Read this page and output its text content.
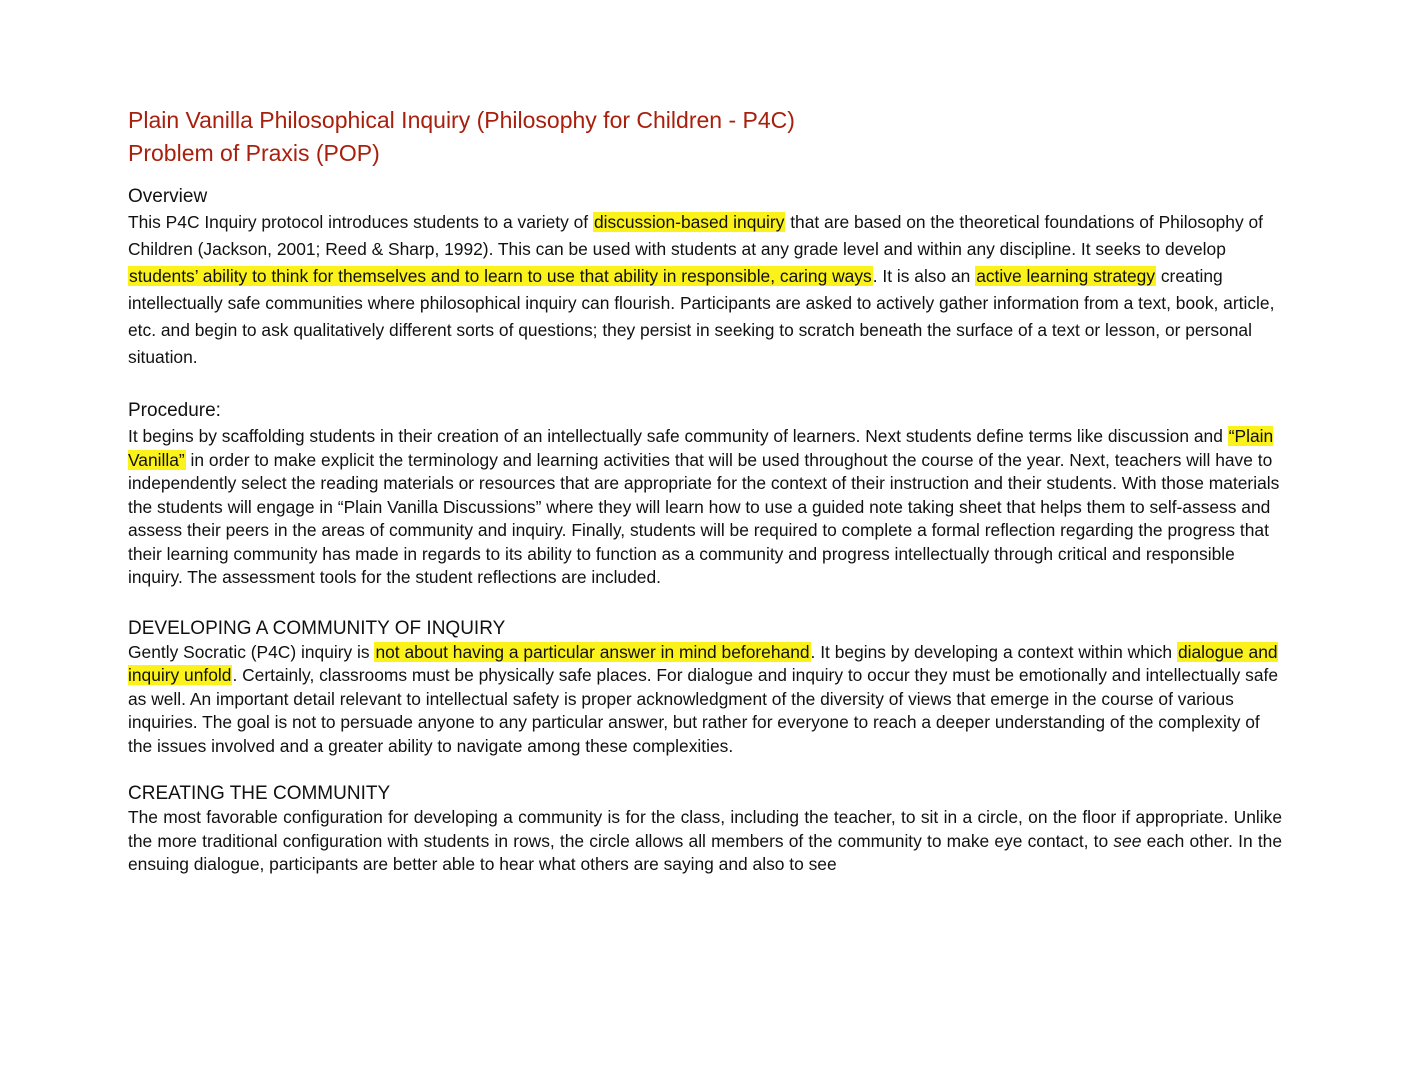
Plain Vanilla Philosophical Inquiry (Philosophy for Children - P4C)
Problem of Praxis (POP)
Overview

This P4C Inquiry protocol introduces students to a variety of discussion-based inquiry that are based on the theoretical foundations of Philosophy of Children (Jackson, 2001; Reed & Sharp, 1992). This can be used with students at any grade level and within any discipline. It seeks to develop students’ ability to think for themselves and to learn to use that ability in responsible, caring ways. It is also an active learning strategy creating intellectually safe communities where philosophical inquiry can flourish. Participants are asked to actively gather information from a text, book, article, etc. and begin to ask qualitatively different sorts of questions; they persist in seeking to scratch beneath the surface of a text or lesson, or personal situation.

Procedure:

It begins by scaffolding students in their creation of an intellectually safe community of learners. Next students define terms like discussion and “Plain Vanilla” in order to make explicit the terminology and learning activities that will be used throughout the course of the year. Next, teachers will have to independently select the reading materials or resources that are appropriate for the context of their instruction and their students. With those materials the students will engage in “Plain Vanilla Discussions” where they will learn how to use a guided note taking sheet that helps them to self-assess and assess their peers in the areas of community and inquiry. Finally, students will be required to complete a formal reflection regarding the progress that their learning community has made in regards to its ability to function as a community and progress intellectually through critical and responsible inquiry. The assessment tools for the student reflections are included.

DEVELOPING A COMMUNITY OF INQUIRY

Gently Socratic (P4C) inquiry is not about having a particular answer in mind beforehand. It begins by developing a context within which dialogue and inquiry unfold. Certainly, classrooms must be physically safe places. For dialogue and inquiry to occur they must be emotionally and intellectually safe as well. An important detail relevant to intellectual safety is proper acknowledgment of the diversity of views that emerge in the course of various inquiries. The goal is not to persuade anyone to any particular answer, but rather for everyone to reach a deeper understanding of the complexity of the issues involved and a greater ability to navigate among these complexities.

CREATING THE COMMUNITY

The most favorable configuration for developing a community is for the class, including the teacher, to sit in a circle, on the floor if appropriate. Unlike the more traditional configuration with students in rows, the circle allows all members of the community to make eye contact, to see each other. In the ensuing dialogue, participants are better able to hear what others are saying and also to see
